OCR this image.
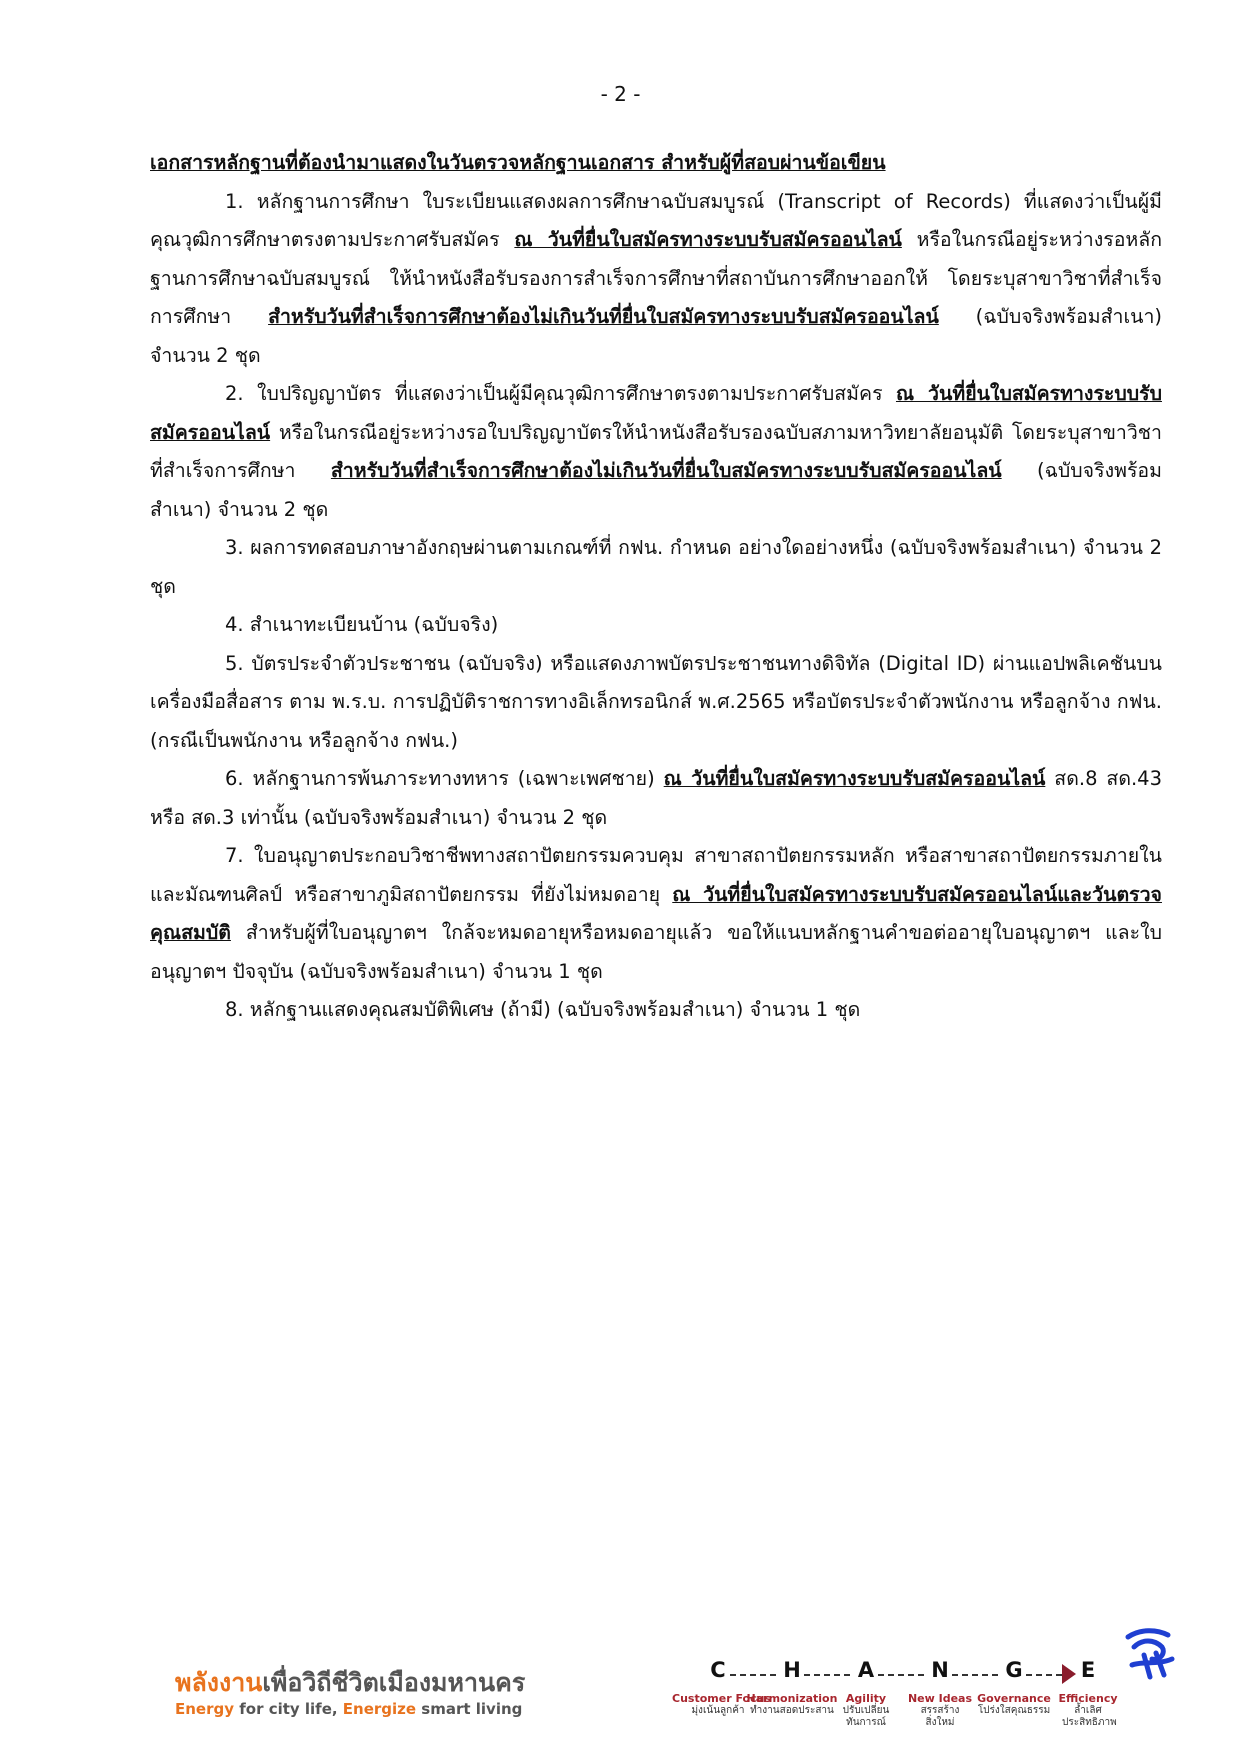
- 2 -

เอกสารหลักฐานที่ต้องนำมาแสดงในวันตรวจหลักฐานเอกสาร สำหรับผู้ที่สอบผ่านข้อเขียน

1. หลักฐานการศึกษา ใบระเบียนแสดงผลการศึกษาฉบับสมบูรณ์ (Transcript of Records) ที่แสดงว่าเป็นผู้มีคุณวุฒิการศึกษาตรงตามประกาศรับสมัคร ณ วันที่ยื่นใบสมัครทางระบบรับสมัครออนไลน์ หรือในกรณีอยู่ระหว่างรอหลักฐานการศึกษาฉบับสมบูรณ์ ให้นำหนังสือรับรองการสำเร็จการศึกษาที่สถาบันการศึกษาออกให้ โดยระบุสาขาวิชาที่สำเร็จการศึกษา สำหรับวันที่สำเร็จการศึกษาต้องไม่เกินวันที่ยื่นใบสมัครทางระบบรับสมัครออนไลน์ (ฉบับจริงพร้อมสำเนา) จำนวน 2 ชุด

2. ใบปริญญาบัตร ที่แสดงว่าเป็นผู้มีคุณวุฒิการศึกษาตรงตามประกาศรับสมัคร ณ วันที่ยื่นใบสมัครทางระบบรับสมัครออนไลน์ หรือในกรณีอยู่ระหว่างรอใบปริญญาบัตรให้นำหนังสือรับรองฉบับสภามหาวิทยาลัยอนุมัติ โดยระบุสาขาวิชาที่สำเร็จการศึกษา สำหรับวันที่สำเร็จการศึกษาต้องไม่เกินวันที่ยื่นใบสมัครทางระบบรับสมัครออนไลน์ (ฉบับจริงพร้อมสำเนา) จำนวน 2 ชุด

3. ผลการทดสอบภาษาอังกฤษผ่านตามเกณฑ์ที่ กฟน. กำหนด อย่างใดอย่างหนึ่ง (ฉบับจริงพร้อมสำเนา) จำนวน 2 ชุด

4. สำเนาทะเบียนบ้าน (ฉบับจริง)

5. บัตรประจำตัวประชาชน (ฉบับจริง) หรือแสดงภาพบัตรประชาชนทางดิจิทัล (Digital ID) ผ่านแอปพลิเคชันบนเครื่องมือสื่อสาร ตาม พ.ร.บ. การปฏิบัติราชการทางอิเล็กทรอนิกส์ พ.ศ.2565 หรือบัตรประจำตัวพนักงาน หรือลูกจ้าง กฟน. (กรณีเป็นพนักงาน หรือลูกจ้าง กฟน.)

6. หลักฐานการพ้นภาระทางทหาร (เฉพาะเพศชาย) ณ วันที่ยื่นใบสมัครทางระบบรับสมัครออนไลน์ สด.8 สด.43 หรือ สด.3 เท่านั้น (ฉบับจริงพร้อมสำเนา) จำนวน 2 ชุด

7. ใบอนุญาตประกอบวิชาชีพทางสถาปัตยกรรมควบคุม สาขาสถาปัตยกรรมหลัก หรือสาขาสถาปัตยกรรมภายในและมัณฑนศิลป์ หรือสาขาภูมิสถาปัตยกรรม ที่ยังไม่หมดอายุ ณ วันที่ยื่นใบสมัครทางระบบรับสมัครออนไลน์และวันตรวจคุณสมบัติ สำหรับผู้ที่ใบอนุญาตฯ ใกล้จะหมดอายุหรือหมดอายุแล้ว ขอให้แนบหลักฐานคำขอต่ออายุใบอนุญาตฯ และใบอนุญาตฯ ปัจจุบัน (ฉบับจริงพร้อมสำเนา) จำนวน 1 ชุด

8. หลักฐานแสดงคุณสมบัติพิเศษ (ถ้ามี) (ฉบับจริงพร้อมสำเนา) จำนวน 1 ชุด

พลังงานเพื่อวิถีชีวิตเมืองมหานคร
Energy for city life, Energize smart living
C	H	A	N	G	E
Customer Focus
มุ่งเน้นลูกค้า
Harmonization
ทำงานสอดประสาน
Agility
ปรับเปลี่ยนทันการณ์
New Ideas
สรรสร้างสิ่งใหม่
Governance
โปร่งใสคุณธรรม
Efficiency
ล้ำเลิศประสิทธิภาพ
